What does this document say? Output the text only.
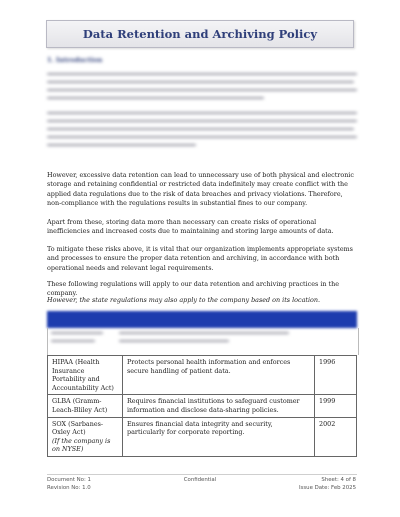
Data Retention and Archiving Policy
1. Introduction

However, excessive data retention can lead to unnecessary use of both physical and electronic storage and retaining confidential or restricted data indefinitely may create conflict with the applied data regulations due to the risk of data breaches and privacy violations. Therefore, non-compliance with the regulations results in substantial fines to our company.

Apart from these, storing data more than necessary can create risks of operational inefficiencies and increased costs due to maintaining and storing large amounts of data.

To mitigate these risks above, it is vital that our organization implements appropriate systems and processes to ensure the proper data retention and archiving, in accordance with both operational needs and relevant legal requirements.

These following regulations will apply to our data retention and archiving practices in the company.

However, the state regulations may also apply to the company based on its location.

HIPAA (Health Insurance Portability and Accountability Act)	Protects personal health information and enforces secure handling of patient data.	1996
GLBA (Gramm-Leach-Bliley Act)	Requires financial institutions to safeguard customer information and disclose data-sharing policies.	1999
SOX (Sarbanes-Oxley Act)
(If the company is on NYSE)	Ensures financial data integrity and security, particularly for corporate reporting.	2002
Document No: 1
Revision No: 1.0
Confidential	Sheet: 4 of 8
Issue Date: Feb 2025
